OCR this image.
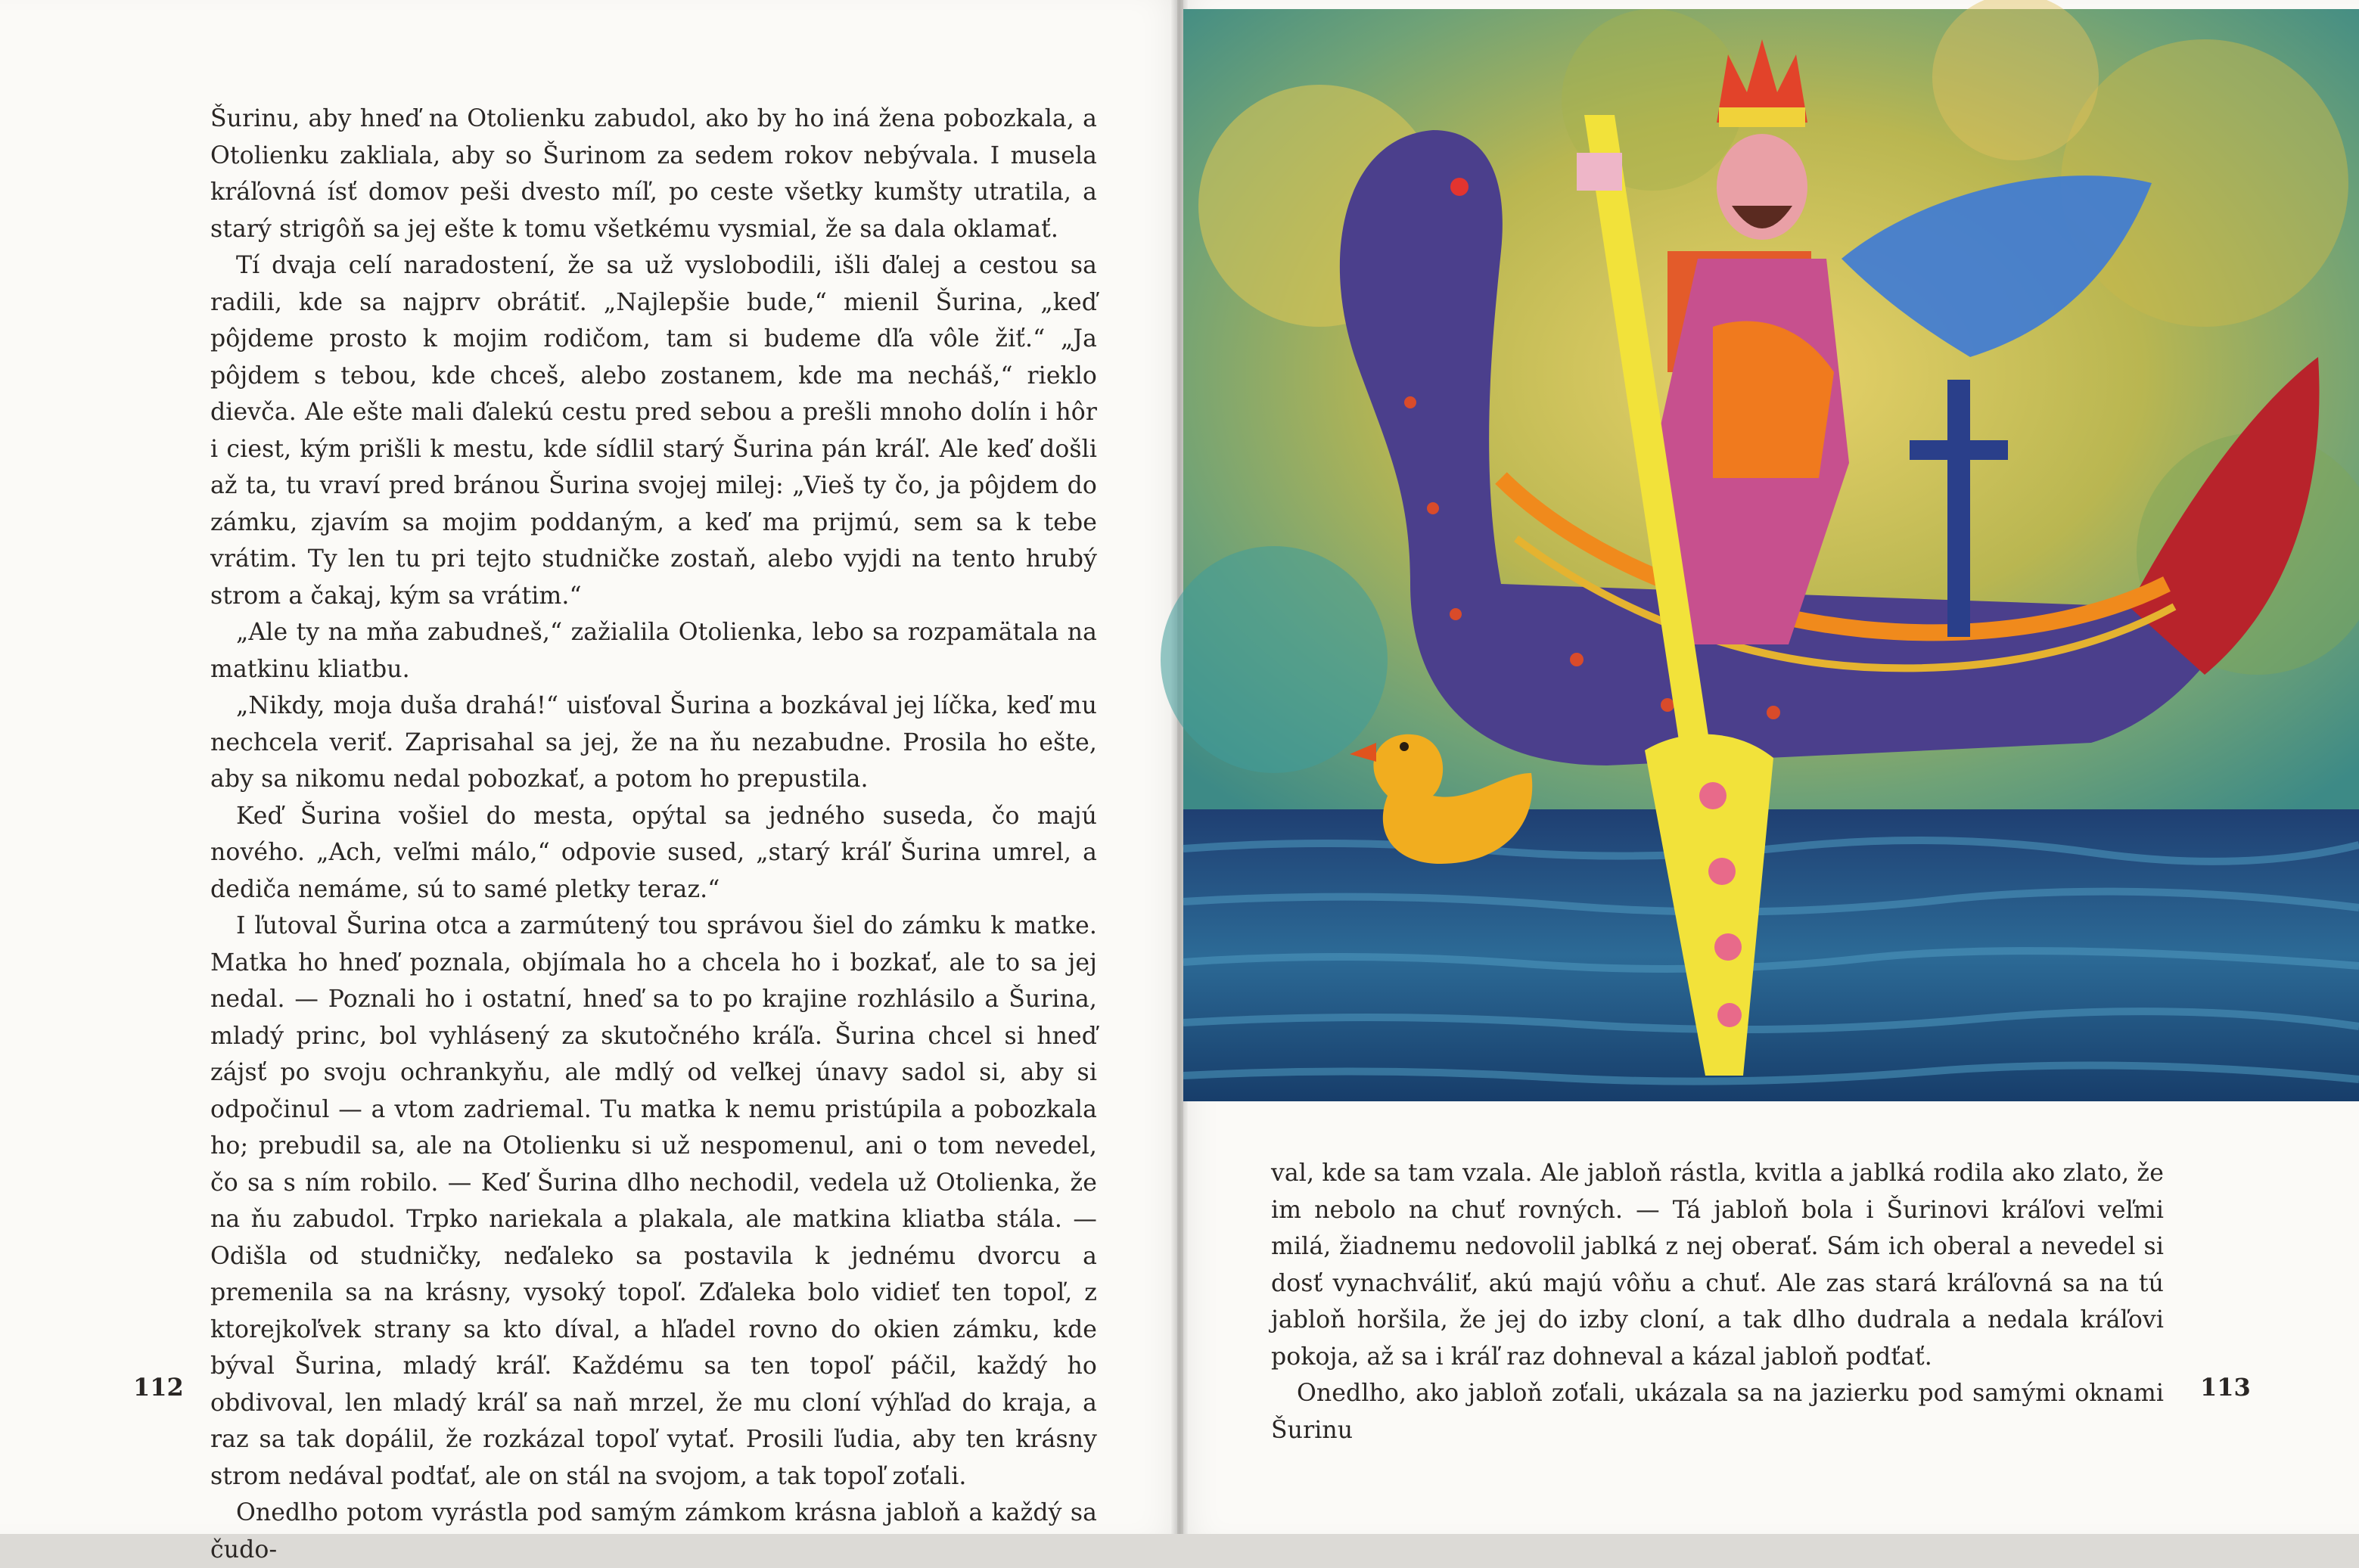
Šurinu, aby hneď na Otolienku zabudol, ako by ho iná žena pobozkala, a Otolienku zakliala, aby so Šurinom za sedem rokov nebývala. I musela kráľovná ísť domov peši dvesto míľ, po ceste všetky kumšty utratila, a starý strigôň sa jej ešte k tomu všetkému vysmial, že sa dala oklamať.

Tí dvaja celí naradostení, že sa už vyslobodili, išli ďalej a cestou sa radili, kde sa najprv obrátiť. „Najlepšie bude,“ mienil Šurina, „keď pôjdeme prosto k mojim rodičom, tam si budeme dľa vôle žiť.“ „Ja pôjdem s tebou, kde chceš, alebo zostanem, kde ma necháš,“ rieklo dievča. Ale ešte mali ďalekú cestu pred sebou a prešli mnoho dolín i hôr i ciest, kým prišli k mestu, kde sídlil starý Šurina pán kráľ. Ale keď došli až ta, tu vraví pred bránou Šurina svojej milej: „Vieš ty čo, ja pôjdem do zámku, zjavím sa mojim poddaným, a keď ma prijmú, sem sa k tebe vrátim. Ty len tu pri tejto studničke zostaň, alebo vyjdi na tento hrubý strom a čakaj, kým sa vrátim.“

„Ale ty na mňa zabudneš,“ zažialila Otolienka, lebo sa rozpamätala na matkinu kliatbu.

„Nikdy, moja duša drahá!“ uisťoval Šurina a bozkával jej líčka, keď mu nechcela veriť. Zaprisahal sa jej, že na ňu nezabudne. Prosila ho ešte, aby sa nikomu nedal pobozkať, a potom ho prepustila.

Keď Šurina vošiel do mesta, opýtal sa jedného suseda, čo majú nového. „Ach, veľmi málo,“ odpovie sused, „starý kráľ Šurina umrel, a dediča nemáme, sú to samé pletky teraz.“

I ľutoval Šurina otca a zarmútený tou správou šiel do zámku k matke. Matka ho hneď poznala, objímala ho a chcela ho i bozkať, ale to sa jej nedal. — Poznali ho i ostatní, hneď sa to po krajine rozhlásilo a Šurina, mladý princ, bol vyhlásený za skutočného kráľa. Šurina chcel si hneď zájsť po svoju ochrankyňu, ale mdlý od veľkej únavy sadol si, aby si odpočinul — a vtom zadriemal. Tu matka k nemu pristúpila a pobozkala ho; prebudil sa, ale na Otolienku si už nespomenul, ani o tom nevedel, čo sa s ním robilo. — Keď Šurina dlho nechodil, vedela už Otolienka, že na ňu zabudol. Trpko nariekala a plakala, ale matkina kliatba stála. — Odišla od studničky, neďaleko sa postavila k jednému dvorcu a premenila sa na krásny, vysoký topoľ. Zďaleka bolo vidieť ten topoľ, z ktorejkoľvek strany sa kto díval, a hľadel rovno do okien zámku, kde býval Šurina, mladý kráľ. Každému sa ten topoľ páčil, každý ho obdivoval, len mladý kráľ sa naň mrzel, že mu cloní výhľad do kraja, a raz sa tak dopálil, že rozkázal topoľ vytať. Prosili ľudia, aby ten krásny strom nedával podťať, ale on stál na svojom, a tak topoľ zoťali.

Onedlho potom vyrástla pod samým zámkom krásna jabloň a každý sa čudo-

112

val, kde sa tam vzala. Ale jabloň rástla, kvitla a jablká rodila ako zlato, že im nebolo na chuť rovných. — Tá jabloň bola i Šurinovi kráľovi veľmi milá, žiadnemu nedovolil jablká z nej oberať. Sám ich oberal a nevedel si dosť vynachváliť, akú majú vôňu a chuť. Ale zas stará kráľovná sa na tú jabloň horšila, že jej do izby cloní, a tak dlho dudrala a nedala kráľovi pokoja, až sa i kráľ raz dohneval a kázal jabloň podťať.

Onedlho, ako jabloň zoťali, ukázala sa na jazierku pod samými oknami Šurinu

113
